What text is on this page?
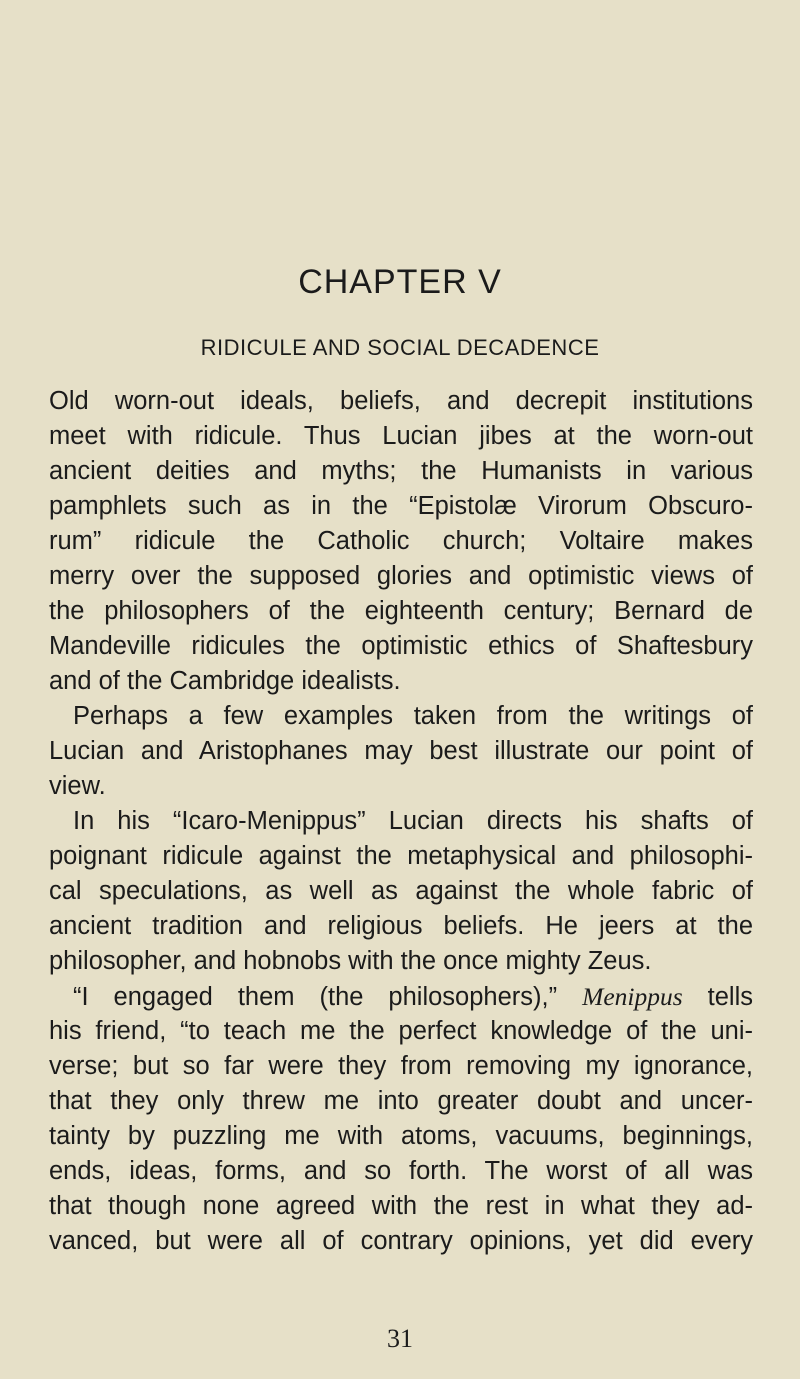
CHAPTER V
RIDICULE AND SOCIAL DECADENCE
Old worn-out ideals, beliefs, and decrepit institutions
meet with ridicule. Thus Lucian jibes at the worn-out
ancient deities and myths; the Humanists in various
pamphlets such as in the “Epistolæ Virorum Obscuro-
rum” ridicule the Catholic church; Voltaire makes
merry over the supposed glories and optimistic views of
the philosophers of the eighteenth century; Bernard de
Mandeville ridicules the optimistic ethics of Shaftesbury
and of the Cambridge idealists.
Perhaps a few examples taken from the writings of
Lucian and Aristophanes may best illustrate our point of
view.
In his “Icaro-Menippus” Lucian directs his shafts of
poignant ridicule against the metaphysical and philosophi-
cal speculations, as well as against the whole fabric of
ancient tradition and religious beliefs. He jeers at the
philosopher, and hobnobs with the once mighty Zeus.
“I engaged them (the philosophers),” Menippus tells
his friend, “to teach me the perfect knowledge of the uni-
verse; but so far were they from removing my ignorance,
that they only threw me into greater doubt and uncer-
tainty by puzzling me with atoms, vacuums, beginnings,
ends, ideas, forms, and so forth. The worst of all was
that though none agreed with the rest in what they ad-
vanced, but were all of contrary opinions, yet did every
31
